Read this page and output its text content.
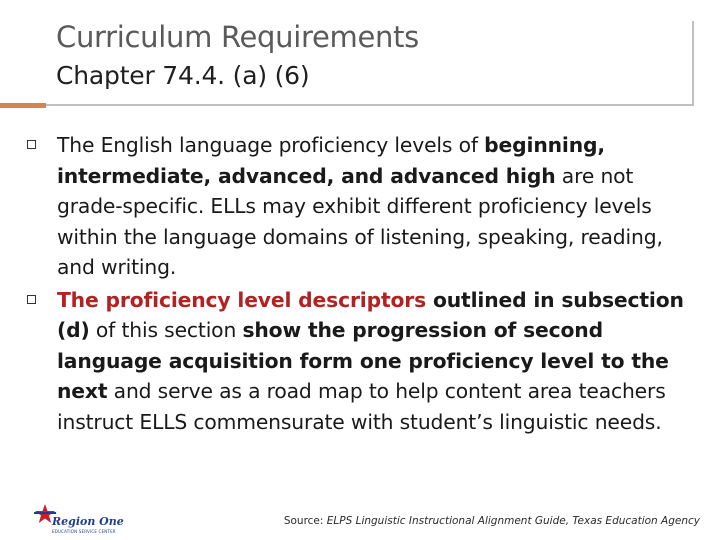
Curriculum Requirements
Chapter 74.4. (a) (6)
The English language proficiency levels of beginning, intermediate, advanced, and advanced high are not grade-specific. ELLs may exhibit different proficiency levels within the language domains of listening, speaking, reading, and writing.
The proficiency level descriptors outlined in subsection (d) of this section show the progression of second language acquisition form one proficiency level to the next and serve as a road map to help content area teachers instruct ELLS commensurate with student’s linguistic needs.
Region One
EDUCATION SERVICE CENTER
Source: ELPS Linguistic Instructional Alignment Guide, Texas Education Agency
